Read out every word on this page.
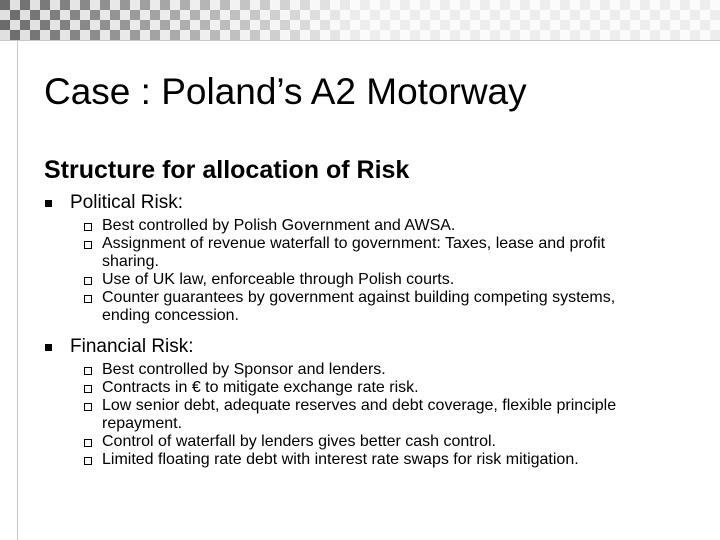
Case : Poland’s A2 Motorway
Structure for allocation of Risk
Political Risk:
Best controlled by Polish Government and AWSA.
Assignment of revenue waterfall to government: Taxes, lease and profit sharing.
Use of UK law, enforceable through Polish courts.
Counter guarantees by government against building competing systems, ending concession.
Financial Risk:
Best controlled by Sponsor and lenders.
Contracts in € to mitigate exchange rate risk.
Low senior debt, adequate reserves and debt coverage, flexible principle repayment.
Control of waterfall by lenders gives better cash control.
Limited floating rate debt with interest rate swaps for risk mitigation.
